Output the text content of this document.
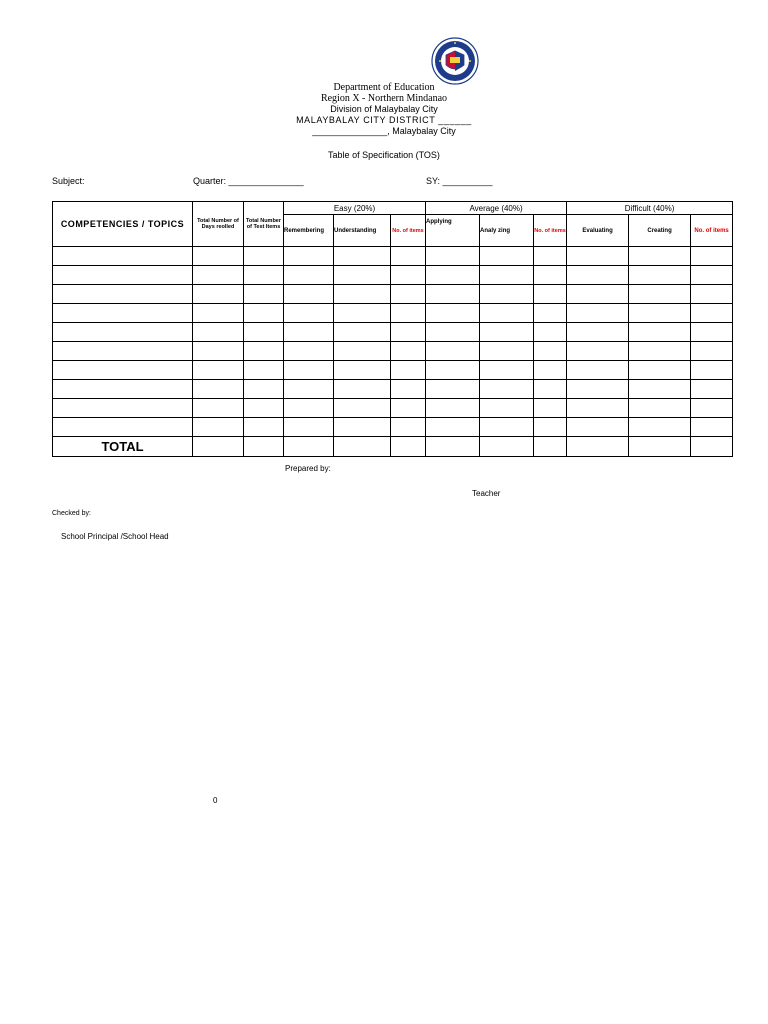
Department of Education
Region X - Northern Mindanao
Division of Malaybalay City
MALAYBALAY CITY DISTRICT ______
_______________, Malaybalay City
Table of Specification (TOS)
Subject:	Quarter: _______________	SY: __________
COMPETENCIES / TOPICS	Total Number of Days reolled	Total Number of Test Items	Easy (20%)			Average (40%)			Difficult (40%)		
			Remembering	Understanding	No. of items	Applying	Analy zing	No. of items	Evaluating	Creating	No. of items

TOTAL											
Prepared by:
Teacher
Checked by:
School Principal /School Head
0
